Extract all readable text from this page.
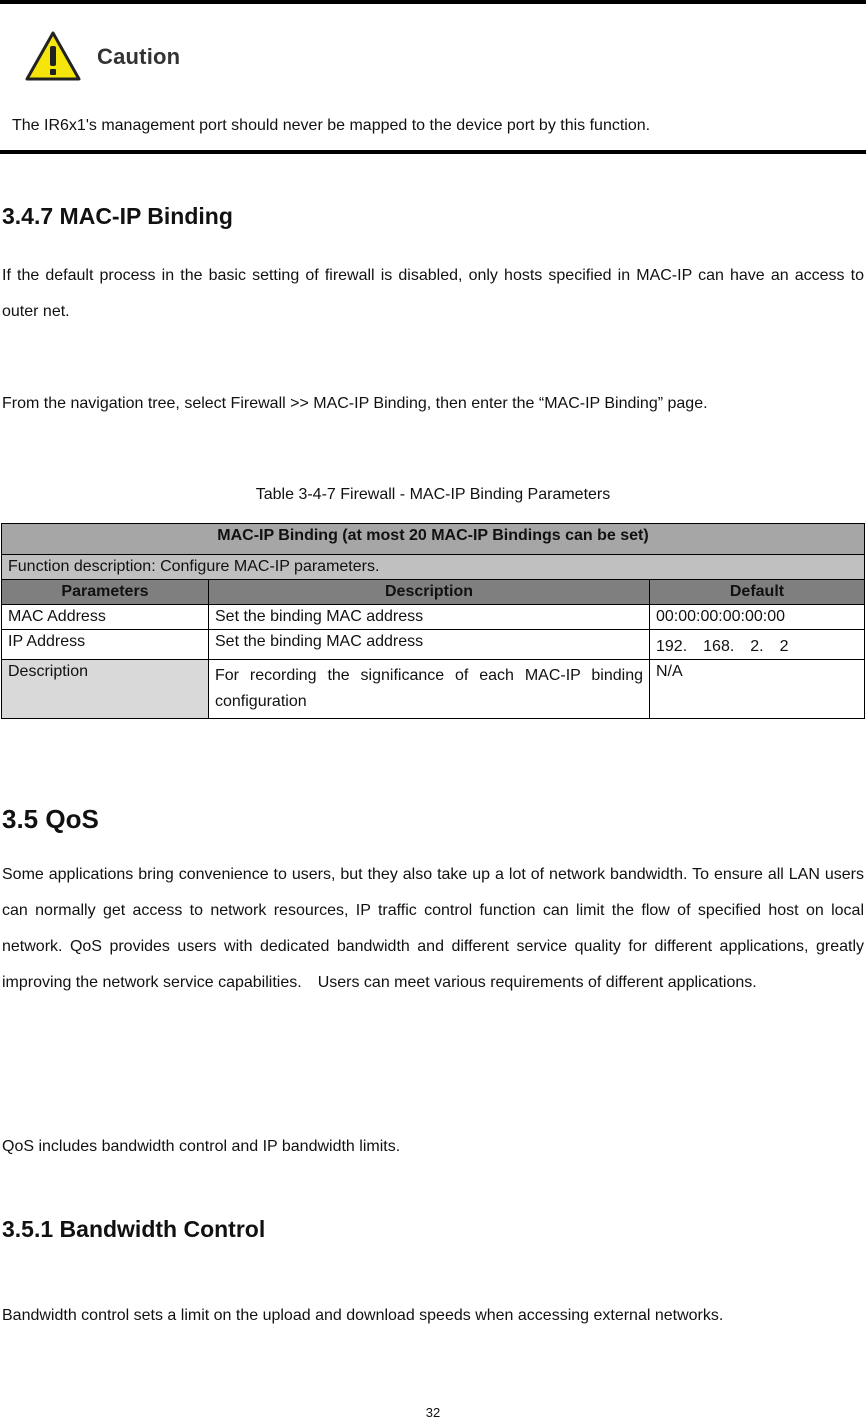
Caution
The IR6x1's management port should never be mapped to the device port by this function.
3.4.7 MAC-IP Binding

If the default process in the basic setting of firewall is disabled, only hosts specified in MAC-IP can have an access to outer net.

From the navigation tree, select Firewall >> MAC-IP Binding, then enter the “MAC-IP Binding” page.

Table 3-4-7 Firewall - MAC-IP Binding Parameters
MAC-IP Binding (at most 20 MAC-IP Bindings can be set)		
Function description: Configure MAC-IP parameters.		
Parameters	Description	Default
MAC Address	Set the binding MAC address	00:00:00:00:00:00
IP Address	Set the binding MAC address	192.　168.　2.　2
Description	For recording the significance of each MAC-IP binding configuration	N/A
3.5 QoS

Some applications bring convenience to users, but they also take up a lot of network bandwidth. To ensure all LAN users can normally get access to network resources, IP traffic control function can limit the flow of specified host on local network. QoS provides users with dedicated bandwidth and different service quality for different applications, greatly improving the network service capabilities.　Users can meet various requirements of different applications.

QoS includes bandwidth control and IP bandwidth limits.

3.5.1 Bandwidth Control

Bandwidth control sets a limit on the upload and download speeds when accessing external networks.

32
